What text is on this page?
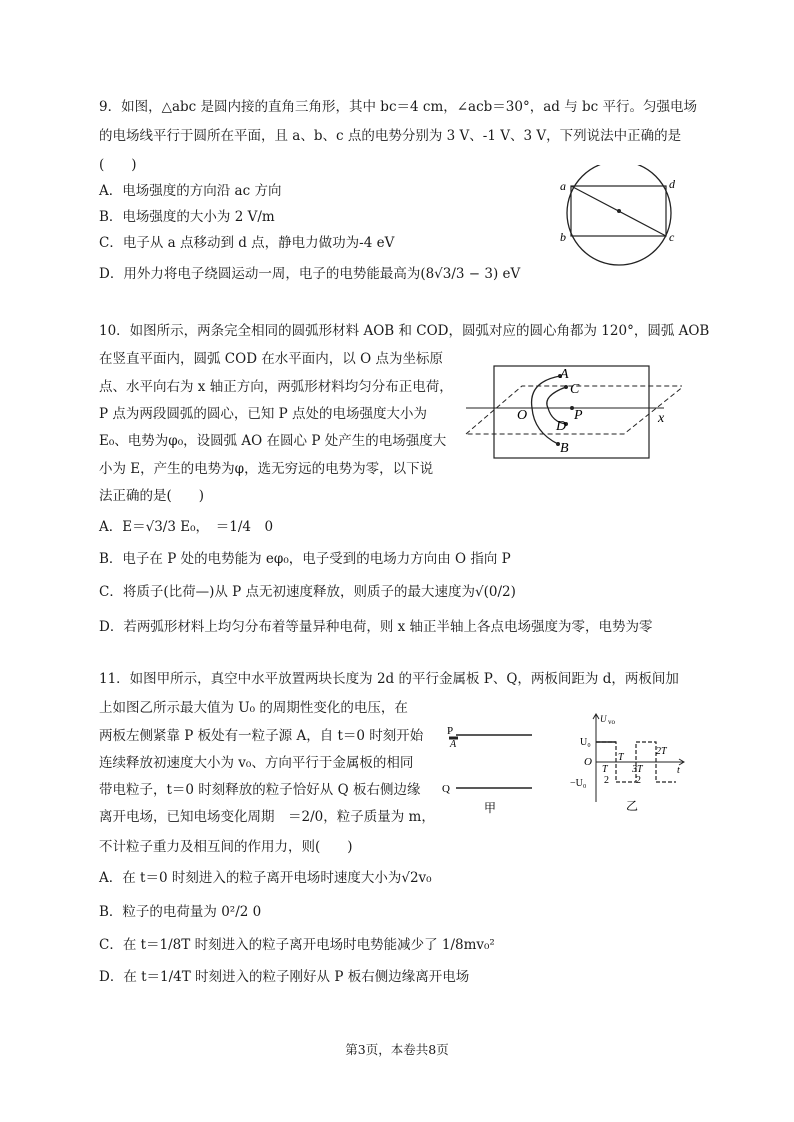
9．如图，△abc 是圆内接的直角三角形，其中 bc＝4 cm，∠acb＝30°，ad 与 bc 平行。匀强电场
的电场线平行于圆所在平面，且 a、b、c 点的电势分别为 3 V、-1 V、3 V，下列说法中正确的是
(　　)
A．电场强度的方向沿 ac 方向
B．电场强度的大小为 2 V/m
C．电子从 a 点移动到 d 点，静电力做功为-4 eV
D．用外力将电子绕圆运动一周，电子的电势能最高为(8√3/3 − 3) eV
a	d
b	c
10．如图所示，两条完全相同的圆弧形材料 AOB 和 COD，圆弧对应的圆心角都为 120°，圆弧 AOB
在竖直平面内，圆弧 COD 在水平面内，以 O 点为坐标原
点、水平向右为 x 轴正方向，两弧形材料均匀分布正电荷，
P 点为两段圆弧的圆心，已知 P 点处的电场强度大小为
E₀、电势为φ₀，设圆弧 AO 在圆心 P 处产生的电场强度大
小为 E，产生的电势为φ，选无穷远的电势为零，以下说
法正确的是(　　)
A．E＝√3/3 E₀，　＝1/4　0
B．电子在 P 处的电势能为 eφ₀，电子受到的电场力方向由 O 指向 P
C．将质子(比荷—)从 P 点无初速度释放，则质子的最大速度为√(0/2)
D．若两弧形材料上均匀分布着等量异种电荷，则 x 轴正半轴上各点电场强度为零，电势为零
A
C
O	P
D
B
x
11．如图甲所示，真空中水平放置两块长度为 2d 的平行金属板 P、Q，两板间距为 d，两板间加
上如图乙所示最大值为 U₀ 的周期性变化的电压，在
两板左侧紧靠 P 板处有一粒子源 A，自 t＝0 时刻开始
连续释放初速度大小为 v₀、方向平行于金属板的相同
带电粒子，t＝0 时刻释放的粒子恰好从 Q 板右侧边缘
离开电场，已知电场变化周期　＝2/0，粒子质量为 m，
不计粒子重力及相互间的作用力，则(　　)
A．在 t＝0 时刻进入的粒子离开电场时速度大小为√2v₀
B．粒子的电荷量为 0²/2 0
C．在 t＝1/8T 时刻进入的粒子离开电场时电势能减少了 1/8mv₀²
D．在 t＝1/4T 时刻进入的粒子刚好从 P 板右侧边缘离开电场
P
A
Q
甲
U vo
U₀
−U₀
O	T
T
2
3T
2
2T
t
乙
第3页，本卷共8页
